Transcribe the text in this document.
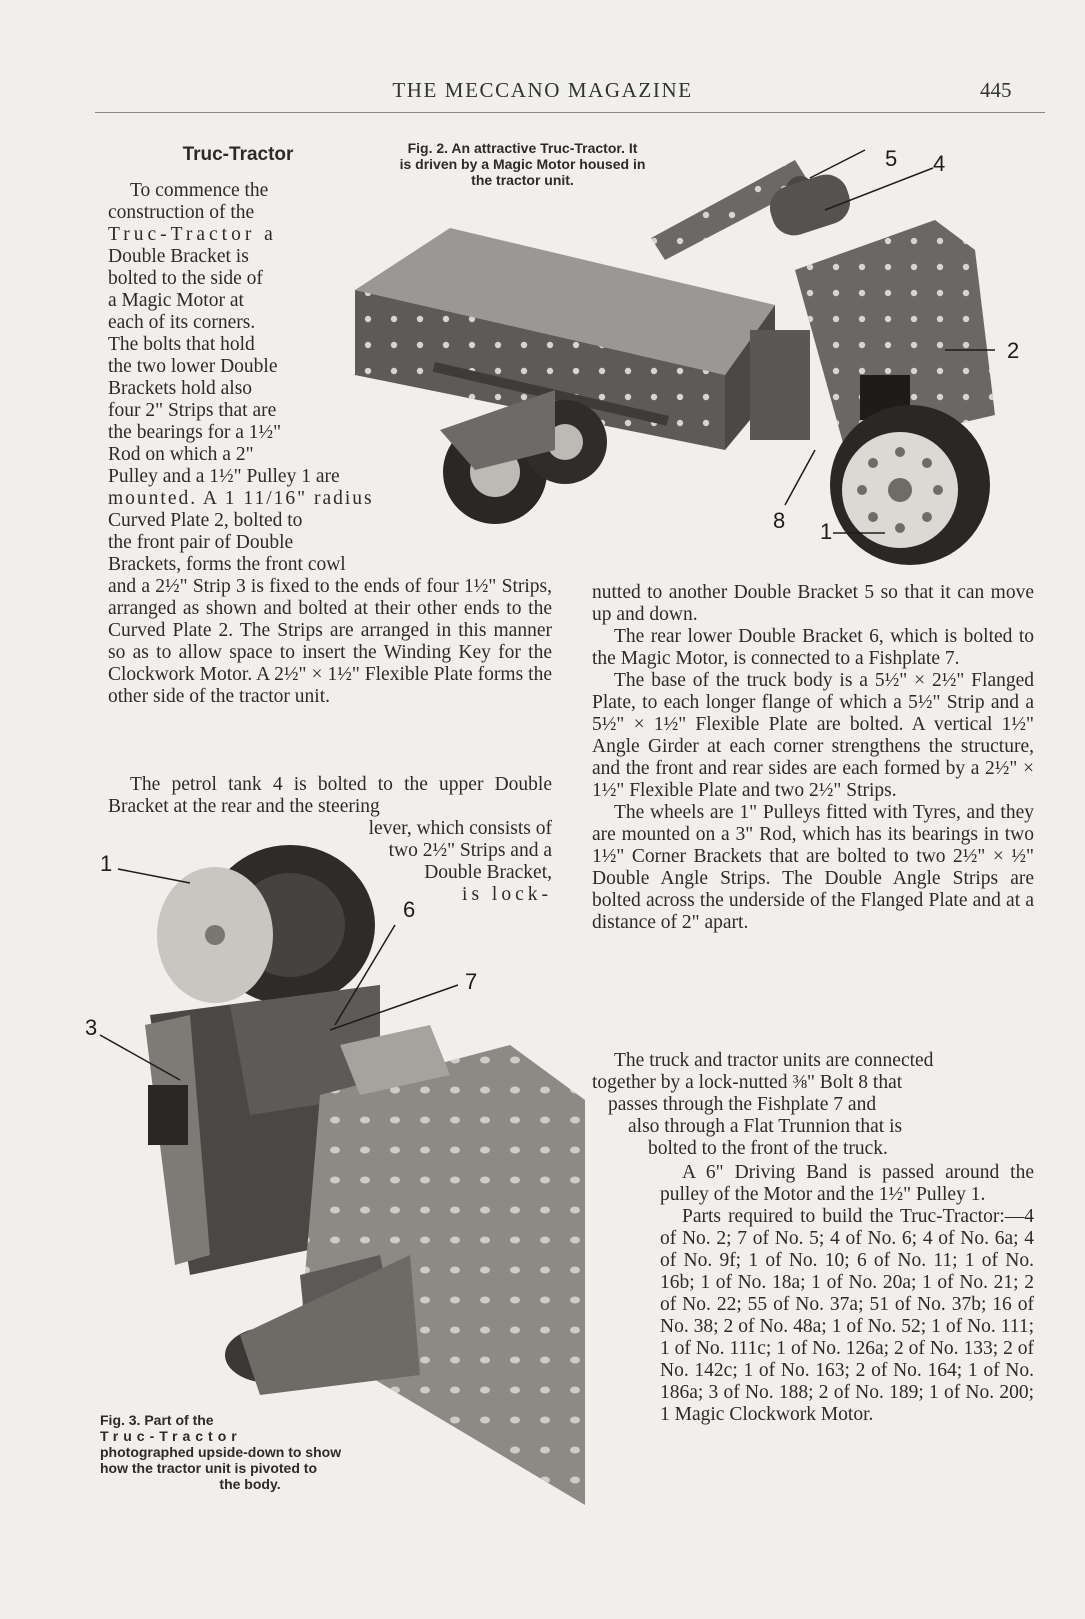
THE MECCANO MAGAZINE	445
Truc-Tractor	Fig. 2. An attractive Truc-Tractor. It
is driven by a Magic Motor housed in
the tractor unit.
5 4
2
8 1
To commence the
construction of the
Truc-Tractor a
Double Bracket is
bolted to the side of
a Magic Motor at
each of its corners.
The bolts that hold
the two lower Double
Brackets hold also
four 2" Strips that are
the bearings for a 1½"
Rod on which a 2"
Pulley and a 1½" Pulley 1 are
mounted. A 1 11/16" radius
Curved Plate 2, bolted to
the front pair of Double
Brackets, forms the front cowl

and a 2½" Strip 3 is fixed to the ends of four 1½" Strips, arranged as shown and bolted at their other ends to the Curved Plate 2. The Strips are arranged in this manner so as to allow space to insert the Winding Key for the Clockwork Motor. A 2½" × 1½" Flexible Plate forms the other side of the tractor unit.

The petrol tank 4 is bolted to the upper Double Bracket at the rear and the steering

lever, which consists of
two 2½" Strips and a
Double Bracket,
is lock-
1
6
7
3
Fig. 3. Part of the
Truc-Tractor
photographed upside-down to show
how the tractor unit is pivoted to
the body.

nutted to another Double Bracket 5 so that it can move up and down.

The rear lower Double Bracket 6, which is bolted to the Magic Motor, is connected to a Fishplate 7.

The base of the truck body is a 5½" × 2½" Flanged Plate, to each longer flange of which a 5½" Strip and a 5½" × 1½" Flexible Plate are bolted. A vertical 1½" Angle Girder at each corner strengthens the structure, and the front and rear sides are each formed by a 2½" × 1½" Flexible Plate and two 2½" Strips.

The wheels are 1" Pulleys fitted with Tyres, and they are mounted on a 3" Rod, which has its bearings in two 1½" Corner Brackets that are bolted to two 2½" × ½" Double Angle Strips. The Double Angle Strips are bolted across the underside of the Flanged Plate and at a distance of 2" apart.

The truck and tractor units are connected
together by a lock-nutted ⅜" Bolt 8 that
passes through the Fishplate 7 and
also through a Flat Trunnion that is
bolted to the front of the truck.

A 6" Driving Band is passed around the pulley of the Motor and the 1½" Pulley 1.

Parts required to build the Truc-Tractor:—4 of No. 2; 7 of No. 5; 4 of No. 6; 4 of No. 6a; 4 of No. 9f; 1 of No. 10; 6 of No. 11; 1 of No. 16b; 1 of No. 18a; 1 of No. 20a; 1 of No. 21; 2 of No. 22; 55 of No. 37a; 51 of No. 37b; 16 of No. 38; 2 of No. 48a; 1 of No. 52; 1 of No. 111; 1 of No. 111c; 1 of No. 126a; 2 of No. 133; 2 of No. 142c; 1 of No. 163; 2 of No. 164; 1 of No. 186a; 3 of No. 188; 2 of No. 189; 1 of No. 200; 1 Magic Clockwork Motor.
